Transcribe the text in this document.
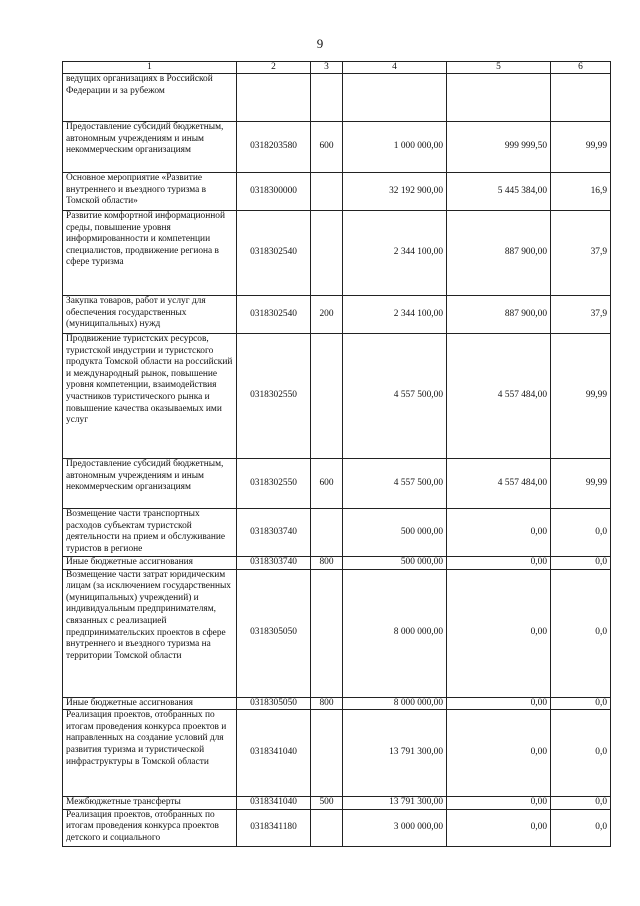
9
1	2	3	4	5	6
ведущих организациях в Российской Федерации и за рубежом					
Предоставление субсидий бюджетным, автономным учреждениям и иным некоммерческим организациям	0318203580	600	1 000 000,00	999 999,50	99,99
Основное мероприятие «Развитие внутреннего и въездного туризма в Томской области»	0318300000		32 192 900,00	5 445 384,00	16,9
Развитие комфортной информационной среды, повышение уровня информированности и компетенции специалистов, продвижение региона в сфере туризма	0318302540		2 344 100,00	887 900,00	37,9
Закупка товаров, работ и услуг для обеспечения государственных (муниципальных) нужд	0318302540	200	2 344 100,00	887 900,00	37,9
Продвижение туристских ресурсов, туристской индустрии и туристского продукта Томской области на российский и международный рынок, повышение уровня компетенции, взаимодействия участников туристического рынка и повышение качества оказываемых ими услуг	0318302550		4 557 500,00	4 557 484,00	99,99
Предоставление субсидий бюджетным, автономным учреждениям и иным некоммерческим организациям	0318302550	600	4 557 500,00	4 557 484,00	99,99
Возмещение части транспортных расходов субъектам туристской деятельности на прием и обслуживание туристов в регионе	0318303740		500 000,00	0,00	0,0
Иные бюджетные ассигнования	0318303740	800	500 000,00	0,00	0,0
Возмещение части затрат юридическим лицам (за исключением государственных (муниципальных) учреждений) и индивидуальным предпринимателям, связанных с реализацией предпринимательских проектов в сфере внутреннего и въездного туризма на территории Томской области	0318305050		8 000 000,00	0,00	0,0
Иные бюджетные ассигнования	0318305050	800	8 000 000,00	0,00	0,0
Реализация проектов, отобранных по итогам проведения конкурса проектов и направленных на создание условий для развития туризма и туристической инфраструктуры в Томской области	0318341040		13 791 300,00	0,00	0,0
Межбюджетные трансферты	0318341040	500	13 791 300,00	0,00	0,0
Реализация проектов, отобранных по итогам проведения конкурса проектов детского и социального	0318341180		3 000 000,00	0,00	0,0
